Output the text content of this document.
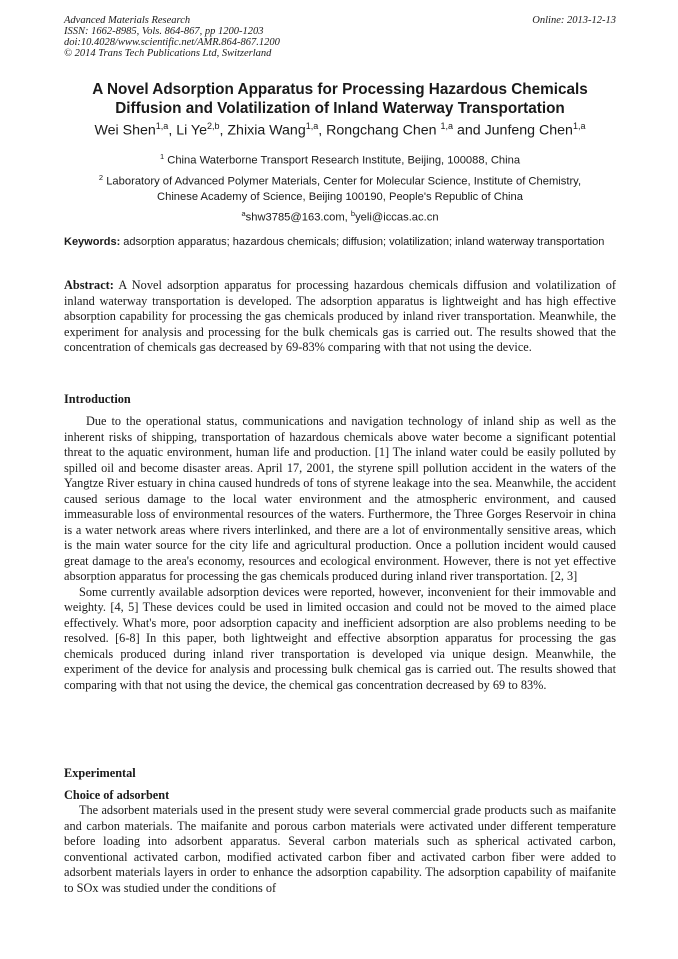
Advanced Materials Research
ISSN: 1662-8985, Vols. 864-867, pp 1200-1203
doi:10.4028/www.scientific.net/AMR.864-867.1200
© 2014 Trans Tech Publications Ltd, Switzerland
Online: 2013-12-13
A Novel Adsorption Apparatus for Processing Hazardous Chemicals
Diffusion and Volatilization of Inland Waterway Transportation
Wei Shen$^{1,a}$, Li Ye$^{2,b}$, Zhixia Wang$^{1,a}$, Rongchang Chen $^{1,a}$ and Junfeng Chen$^{1,a}$
$^1$ China Waterborne Transport Research Institute, Beijing, 100088, China
$^2$ Laboratory of Advanced Polymer Materials, Center for Molecular Science, Institute of Chemistry,
Chinese Academy of Science, Beijing 100190, People's Republic of China
$^a$shw3785@163.com, $^b$yeli@iccas.ac.cn
Keywords: adsorption apparatus; hazardous chemicals; diffusion; volatilization; inland waterway transportation

Abstract: A Novel adsorption apparatus for processing hazardous chemicals diffusion and volatilization of inland waterway transportation is developed. The adsorption apparatus is lightweight and has high effective absorption capability for processing the gas chemicals produced by inland river transportation. Meanwhile, the experiment for analysis and processing for the bulk chemicals gas is carried out. The results showed that the concentration of chemicals gas decreased by 69-83% comparing with that not using the device.

Introduction

Due to the operational status, communications and navigation technology of inland ship as well as the inherent risks of shipping, transportation of hazardous chemicals above water become a significant potential threat to the aquatic environment, human life and production. [1] The inland water could be easily polluted by spilled oil and become disaster areas. April 17, 2001, the styrene spill pollution accident in the waters of the Yangtze River estuary in china caused hundreds of tons of styrene leakage into the sea. Meanwhile, the accident caused serious damage to the local water environment and the atmospheric environment, and caused immeasurable loss of environmental resources of the waters. Furthermore, the Three Gorges Reservoir in china is a water network areas where rivers interlinked, and there are a lot of environmentally sensitive areas, which is the main water source for the city life and agricultural production. Once a pollution incident would caused great damage to the area's economy, resources and ecological environment. However, there is not yet effective absorption apparatus for processing the gas chemicals produced during inland river transportation. [2, 3]

Some currently available adsorption devices were reported, however, inconvenient for their immovable and weighty. [4, 5] These devices could be used in limited occasion and could not be moved to the aimed place effectively. What's more, poor adsorption capacity and inefficient adsorption are also problems needing to be resolved. [6-8] In this paper, both lightweight and effective absorption apparatus for processing the gas chemicals produced during inland river transportation is developed via unique design. Meanwhile, the experiment of the device for analysis and processing bulk chemical gas is carried out. The results showed that comparing with that not using the device, the chemical gas concentration decreased by 69 to 83%.

Experimental
Choice of adsorbent

The adsorbent materials used in the present study were several commercial grade products such as maifanite and carbon materials. The maifanite and porous carbon materials were activated under different temperature before loading into adsorbent apparatus. Several carbon materials such as spherical activated carbon, conventional activated carbon, modified activated carbon fiber and activated carbon fiber were added to adsorbent materials layers in order to enhance the adsorption capability. The adsorption capability of maifanite to SOx was studied under the conditions of
